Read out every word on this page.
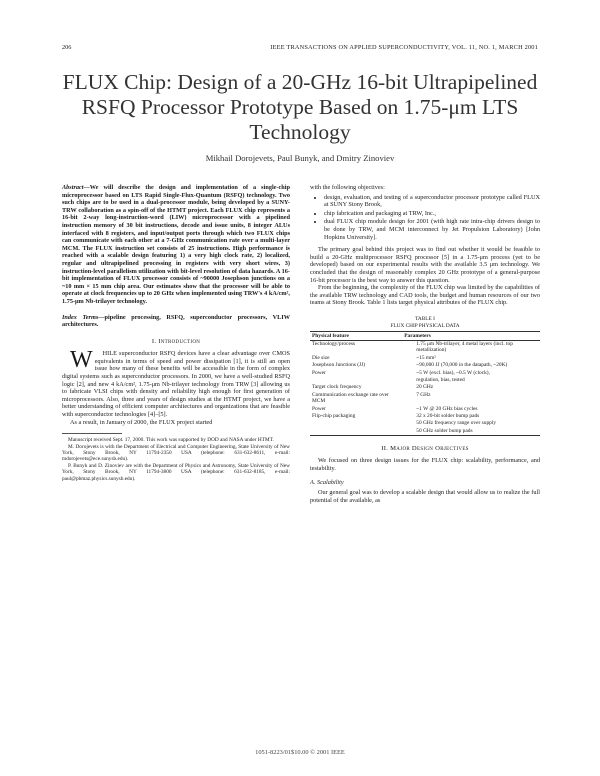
206	IEEE TRANSACTIONS ON APPLIED SUPERCONDUCTIVITY, VOL. 11, NO. 1, MARCH 2001
FLUX Chip: Design of a 20-GHz 16-bit Ultrapipelined RSFQ Processor Prototype Based on 1.75-μm LTS Technology
Mikhail Dorojevets, Paul Bunyk, and Dmitry Zinoviev
Abstract—We will describe the design and implementation of a single-chip microprocessor based on LTS Rapid Single-Flux-Quantum (RSFQ) technology. Two such chips are to be used in a dual-processor module, being developed by a SUNY-TRW collaboration as a spin-off of the HTMT project. Each FLUX chip represents a 16-bit 2-way long-instruction-word (LIW) microprocessor with a pipelined instruction memory of 30 bit instructions, decode and issue units, 8 integer ALUs interfaced with 8 registers, and input/output ports through which two FLUX chips can communicate with each other at a 7-GHz communication rate over a multi-layer MCM. The FLUX instruction set consists of 25 instructions. High performance is reached with a scalable design featuring 1) a very high clock rate, 2) localized, regular and ultrapipelined processing in registers with very short wires, 3) instruction-level parallelism utilization with bit-level resolution of data hazards. A 16-bit implementation of FLUX processor consists of ~90000 Josephson junctions on a ~10 mm × 15 mm chip area. Our estimates show that the processor will be able to operate at clock frequencies up to 20 GHz when implemented using TRW's 4 kA/cm², 1.75-μm Nb-trilayer technology.
Index Terms—pipeline processing, RSFQ, superconductor processors, VLIW architectures.
I. Introduction

W HILE superconductor RSFQ devices have a clear advantage over CMOS equivalents in terms of speed and power dissipation [1], it is still an open issue how many of these benefits will be accessible in the form of complex digital systems such as superconductor processors. In 2000, we have a well-studied RSFQ logic [2], and new 4 kA/cm², 1.75-μm Nb-trilayer technology from TRW [3] allowing us to fabricate VLSI chips with density and reliability high enough for first generation of microprocessors. Also, three and years of design studies at the HTMT project, we have a better understanding of efficient computer architectures and organizations that are feasible with superconductor technologies [4]–[5].

As a result, in January of 2000, the FLUX project started

Manuscript received Sept. 17, 2000. This work was supported by DOD and NASA under HTMT.

M. Dorojevets is with the Department of Electrical and Computer Engineering, State University of New York, Stony Brook, NY 11794-2350 USA (telephone: 631-632-8611, e-mail: mdorojevets@ece.sunysb.edu).

P. Bunyk and D. Zinoviev are with the Department of Physics and Astronomy, State University of New York, Stony Brook, NY 11794-3800 USA (telephone: 631-632-8185, e-mail: paul@pbmaz.physics.sunysb.edu).

with the following objectives:
• design, evaluation, and testing of a superconductor processor prototype called FLUX at SUNY Stony Brook,
• chip fabrication and packaging at TRW, Inc.,
• dual FLUX chip module design for 2001 (with high rate intra-chip drivers design to be done by TRW, and MCM interconnect by Jet Propulsion Laboratory) [John Hopkins University].

The primary goal behind this project was to find out whether it would be feasible to build a 20-GHz multiprocessor RSFQ processor [5] in a 1.75-μm process (yet to be developed) based on our experimental results with the available 3.5 μm technology. We concluded that the design of reasonably complex 20 GHz prototype of a general-purpose 16-bit processor is the best way to answer this question.

From the beginning, the complexity of the FLUX chip was limited by the capabilities of the available TRW technology and CAD tools, the budget and human resources of our two teams at Stony Brook. Table 1 lists target physical attributes of the FLUX chip.

TABLE I
FLUX CHIP PHYSICAL DATA
Physical feature	Parameters
Technology/process	1.75 μm Nb-trilayer, 4 metal layers (incl. top metallization)
Die size	~15 mm²
Josephson Junctions (JJ)	~90,000 JJ (70,000 in the datapath, ~20K)
Power	~5 W (excl. bias), ~0.5 W (clock),
	regulation, bias, tested
Target clock frequency	20 GHz
Communication exchange rate over MCM	7 GHz
Power	~1 W @ 20 GHz bias cycles
Flip-chip packaging	32 x 20-bit solder bump pads
	50 GHz frequency range over supply
	50 GHz solder bump pads
II. Major Design Objectives

We focused on three design issues for the FLUX chip: scalability, performance, and testability.

A. Scalability

Our general goal was to develop a scalable design that would allow us to realize the full potential of the available, as

1051-8223/01$10.00 © 2001 IEEE
